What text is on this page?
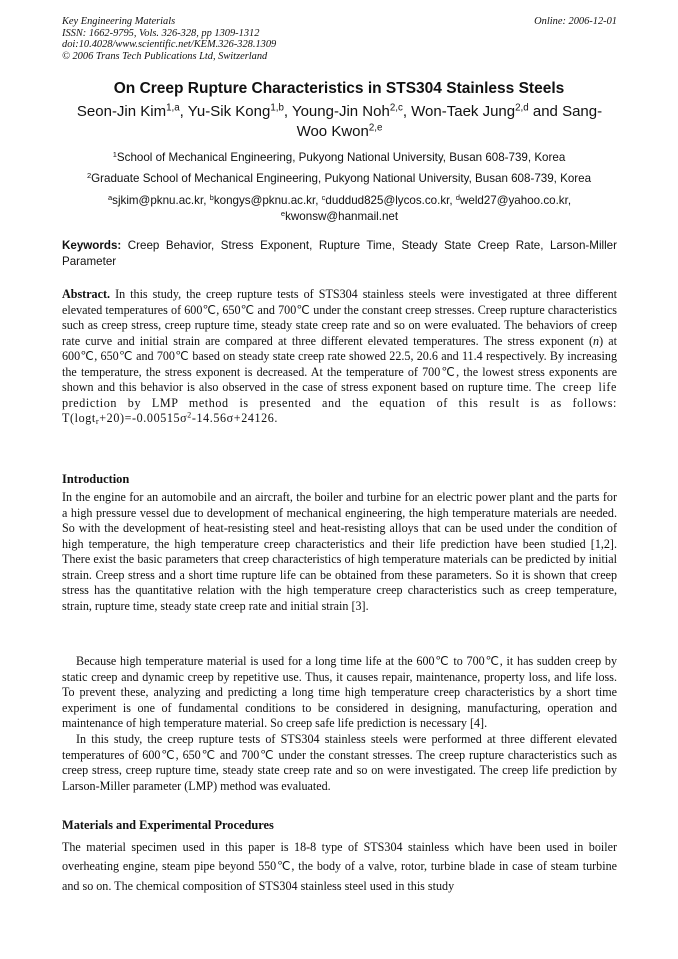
Key Engineering Materials	Online: 2006-12-01
ISSN: 1662-9795, Vols. 326-328, pp 1309-1312
doi:10.4028/www.scientific.net/KEM.326-328.1309
© 2006 Trans Tech Publications Ltd, Switzerland
On Creep Rupture Characteristics in STS304 Stainless Steels
Seon-Jin Kim$^{1,a}$, Yu-Sik Kong$^{1,b}$, Young-Jin Noh$^{2,c}$, Won-Taek Jung$^{2,d}$ and Sang-Woo Kwon$^{2,e}$
$^1$School of Mechanical Engineering, Pukyong National University, Busan 608-739, Korea
$^2$Graduate School of Mechanical Engineering, Pukyong National University, Busan 608-739, Korea
$^a$sjkim@pknu.ac.kr, $^b$kongys@pknu.ac.kr, $^c$duddud825@lycos.co.kr, $^d$weld27@yahoo.co.kr,
$^e$kwonsw@hanmail.net
Keywords: Creep Behavior, Stress Exponent, Rupture Time, Steady State Creep Rate, Larson-Miller Parameter
Abstract. In this study, the creep rupture tests of STS304 stainless steels were investigated at three different elevated temperatures of 600℃, 650℃ and 700℃ under the constant creep stresses. Creep rupture characteristics such as creep stress, creep rupture time, steady state creep rate and so on were evaluated. The behaviors of creep rate curve and initial strain are compared at three different elevated temperatures. The stress exponent (n) at 600℃, 650℃ and 700℃ based on steady state creep rate showed 22.5, 20.6 and 11.4 respectively. By increasing the temperature, the stress exponent is decreased. At the temperature of 700℃, the lowest stress exponents are shown and this behavior is also observed in the case of stress exponent based on rupture time. The creep life prediction by LMP method is presented and the equation of this result is as follows: $T(\log t_r+20)=-0.00515\sigma^2-14.56\sigma+24126$.
Introduction
In the engine for an automobile and an aircraft, the boiler and turbine for an electric power plant and the parts for a high pressure vessel due to development of mechanical engineering, the high temperature materials are needed. So with the development of heat-resisting steel and heat-resisting alloys that can be used under the condition of high temperature, the high temperature creep characteristics and their life prediction have been studied [1,2]. There exist the basic parameters that creep characteristics of high temperature materials can be predicted by initial strain. Creep stress and a short time rupture life can be obtained from these parameters. So it is shown that creep stress has the quantitative relation with the high temperature creep characteristics such as creep temperature, strain, rupture time, steady state creep rate and initial strain [3].
Because high temperature material is used for a long time life at the 600℃ to 700℃, it has sudden creep by static creep and dynamic creep by repetitive use. Thus, it causes repair, maintenance, property loss, and life loss. To prevent these, analyzing and predicting a long time high temperature creep characteristics by a short time experiment is one of fundamental conditions to be considered in designing, manufacturing, operation and maintenance of high temperature material. So creep safe life prediction is necessary [4].
In this study, the creep rupture tests of STS304 stainless steels were performed at three different elevated temperatures of 600℃, 650℃ and 700℃ under the constant stresses. The creep rupture characteristics such as creep stress, creep rupture time, steady state creep rate and so on were investigated. The creep life prediction by Larson-Miller parameter (LMP) method was evaluated.
Materials and Experimental Procedures
The material specimen used in this paper is 18-8 type of STS304 stainless which have been used in boiler overheating engine, steam pipe beyond 550℃, the body of a valve, rotor, turbine blade in case of steam turbine and so on. The chemical composition of STS304 stainless steel used in this study
